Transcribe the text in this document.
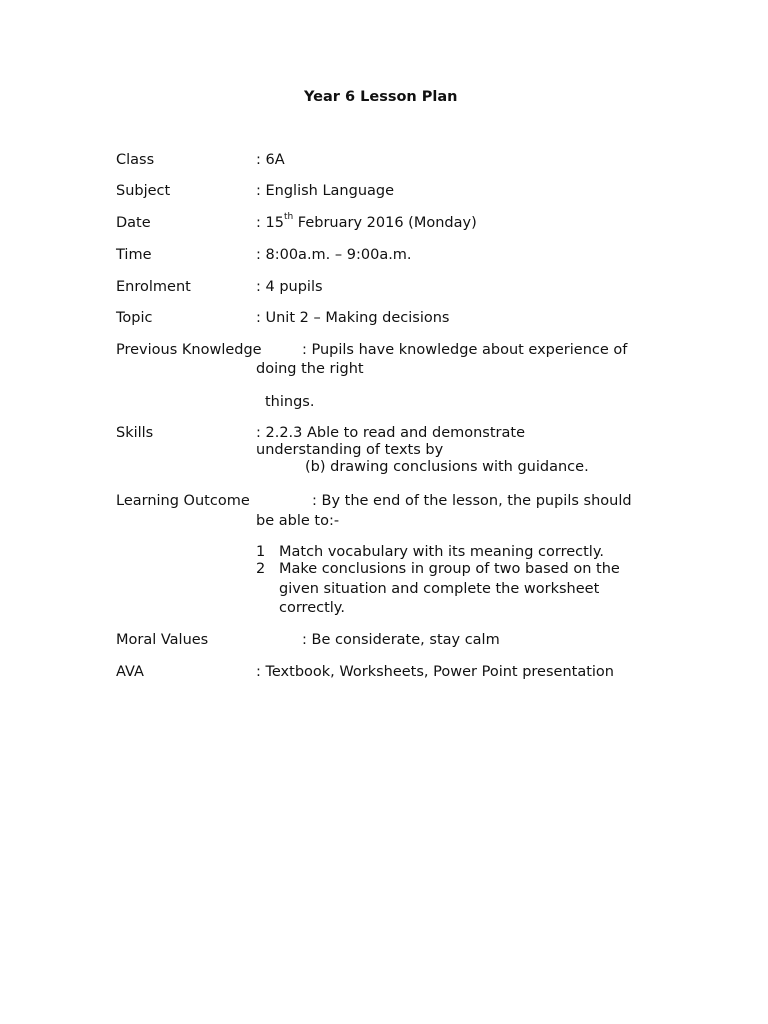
Year 6 Lesson Plan
Class	: 6A
Subject	: English Language
Date	: 15th February 2016 (Monday)
Time	: 8:00a.m. – 9:00a.m.
Enrolment	: 4 pupils
Topic	: Unit 2 – Making decisions
Previous Knowledge	: Pupils have knowledge about experience of
doing the right
things.
Skills	: 2.2.3 Able to read and demonstrate
understanding of texts by
(b) drawing conclusions with guidance.
Learning Outcome	: By the end of the lesson, the pupils should
be able to:-
1 Match vocabulary with its meaning correctly.
2 Make conclusions in group of two based on the
given situation and complete the worksheet
correctly.
Moral Values	: Be considerate, stay calm
AVA	: Textbook, Worksheets, Power Point presentation
